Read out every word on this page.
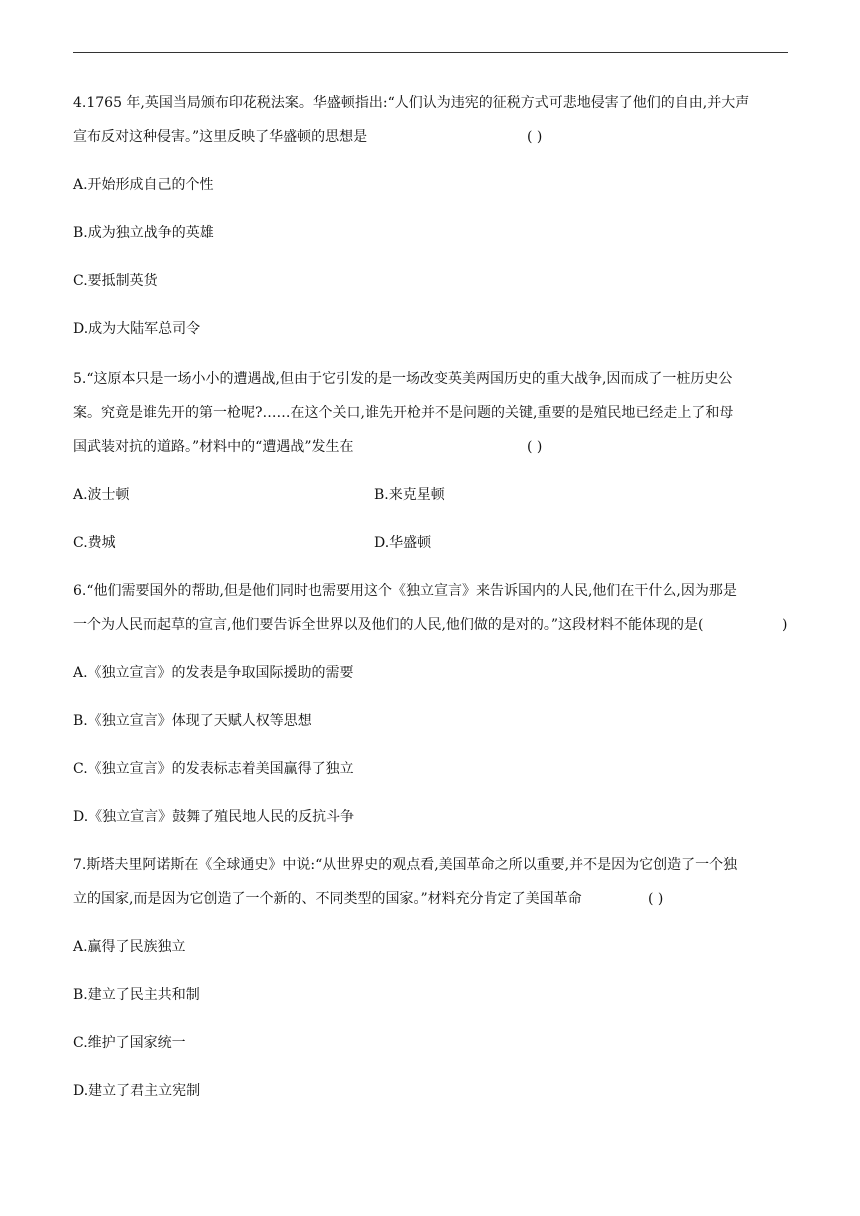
4.1765 年,英国当局颁布印花税法案。华盛顿指出:“人们认为违宪的征税方式可悲地侵害了他们的自由,并大声
宣布反对这种侵害。”这里反映了华盛顿的思想是	( )
A.开始形成自己的个性
B.成为独立战争的英雄
C.要抵制英货
D.成为大陆军总司令
5.“这原本只是一场小小的遭遇战,但由于它引发的是一场改变英美两国历史的重大战争,因而成了一桩历史公
案。究竟是谁先开的第一枪呢?……在这个关口,谁先开枪并不是问题的关键,重要的是殖民地已经走上了和母
国武装对抗的道路。”材料中的“遭遇战”发生在	( )
A.波士顿	B.来克星顿
C.费城	D.华盛顿
6.“他们需要国外的帮助,但是他们同时也需要用这个《独立宣言》来告诉国内的人民,他们在干什么,因为那是
一个为人民而起草的宣言,他们要告诉全世界以及他们的人民,他们做的是对的。”这段材料不能体现的是(	)
A.《独立宣言》的发表是争取国际援助的需要
B.《独立宣言》体现了天赋人权等思想
C.《独立宣言》的发表标志着美国赢得了独立
D.《独立宣言》鼓舞了殖民地人民的反抗斗争
7.斯塔夫里阿诺斯在《全球通史》中说:“从世界史的观点看,美国革命之所以重要,并不是因为它创造了一个独
立的国家,而是因为它创造了一个新的、不同类型的国家。”材料充分肯定了美国革命	( )
A.赢得了民族独立
B.建立了民主共和制
C.维护了国家统一
D.建立了君主立宪制
